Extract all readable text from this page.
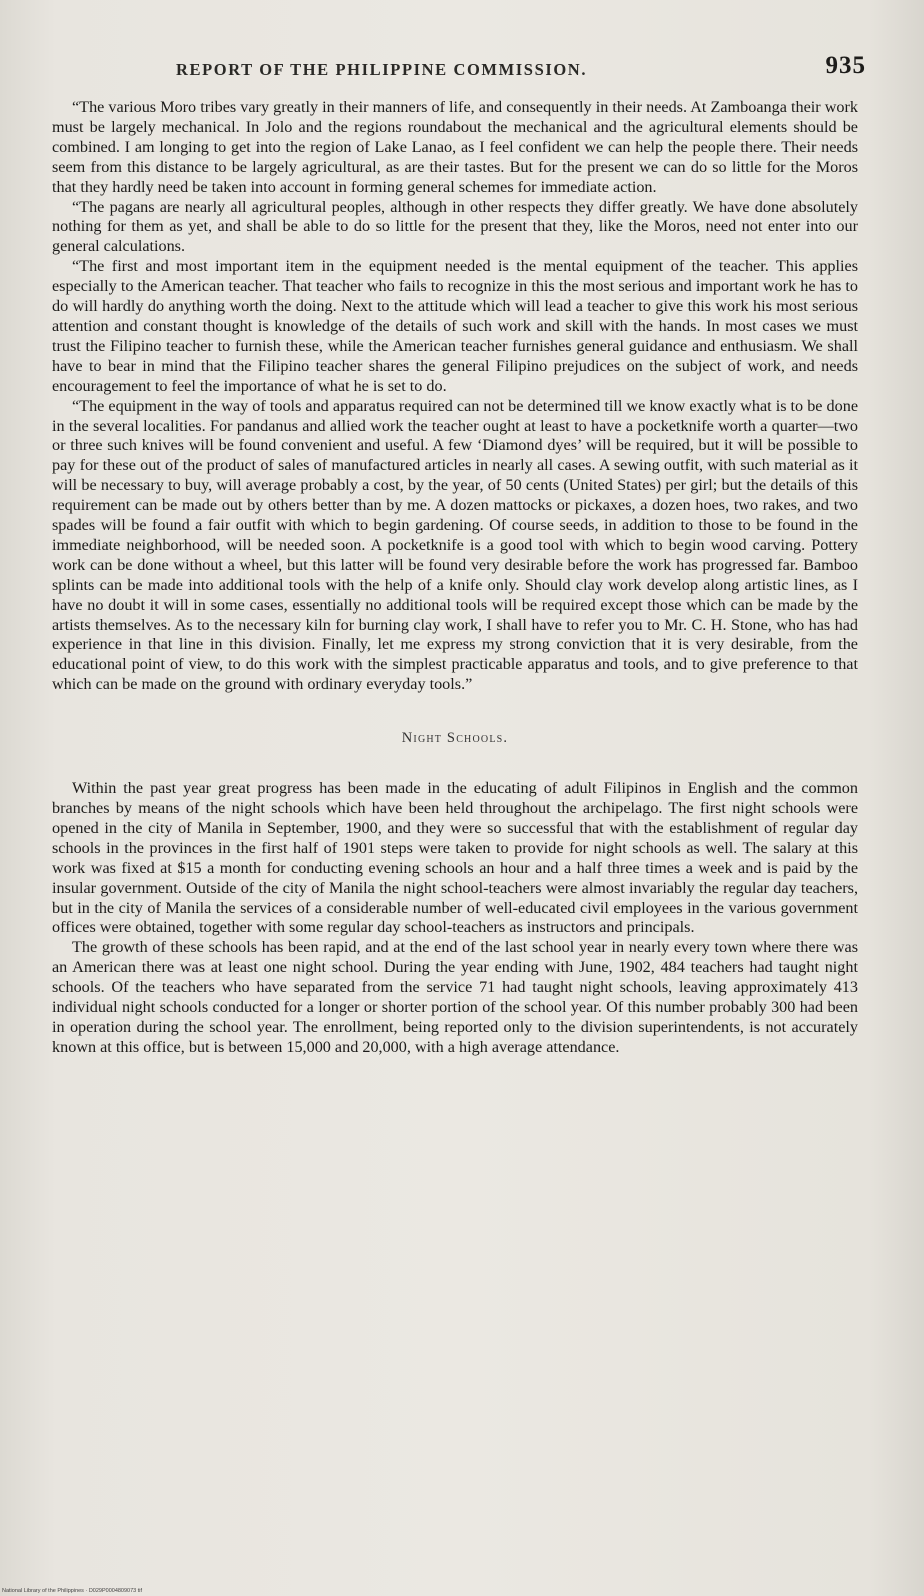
REPORT OF THE PHILIPPINE COMMISSION.	935

“The various Moro tribes vary greatly in their manners of life, and consequently in their needs. At Zamboanga their work must be largely mechanical. In Jolo and the regions roundabout the mechanical and the agricultural elements should be combined. I am longing to get into the region of Lake Lanao, as I feel confident we can help the people there. Their needs seem from this distance to be largely agricultural, as are their tastes. But for the present we can do so little for the Moros that they hardly need be taken into account in forming general schemes for immediate action.

“The pagans are nearly all agricultural peoples, although in other respects they differ greatly. We have done absolutely nothing for them as yet, and shall be able to do so little for the present that they, like the Moros, need not enter into our general calculations.

“The first and most important item in the equipment needed is the mental equipment of the teacher. This applies especially to the American teacher. That teacher who fails to recognize in this the most serious and important work he has to do will hardly do anything worth the doing. Next to the attitude which will lead a teacher to give this work his most serious attention and constant thought is knowledge of the details of such work and skill with the hands. In most cases we must trust the Filipino teacher to furnish these, while the American teacher furnishes general guidance and enthusiasm. We shall have to bear in mind that the Filipino teacher shares the general Filipino prejudices on the subject of work, and needs encouragement to feel the importance of what he is set to do.

“The equipment in the way of tools and apparatus required can not be determined till we know exactly what is to be done in the several localities. For pandanus and allied work the teacher ought at least to have a pocketknife worth a quarter—two or three such knives will be found convenient and useful. A few ‘Diamond dyes’ will be required, but it will be possible to pay for these out of the product of sales of manufactured articles in nearly all cases. A sewing outfit, with such material as it will be necessary to buy, will average probably a cost, by the year, of 50 cents (United States) per girl; but the details of this requirement can be made out by others better than by me. A dozen mattocks or pickaxes, a dozen hoes, two rakes, and two spades will be found a fair outfit with which to begin gardening. Of course seeds, in addition to those to be found in the immediate neighborhood, will be needed soon. A pocketknife is a good tool with which to begin wood carving. Pottery work can be done without a wheel, but this latter will be found very desirable before the work has progressed far. Bamboo splints can be made into additional tools with the help of a knife only. Should clay work develop along artistic lines, as I have no doubt it will in some cases, essentially no additional tools will be required except those which can be made by the artists themselves. As to the necessary kiln for burning clay work, I shall have to refer you to Mr. C. H. Stone, who has had experience in that line in this division. Finally, let me express my strong conviction that it is very desirable, from the educational point of view, to do this work with the simplest practicable apparatus and tools, and to give preference to that which can be made on the ground with ordinary everyday tools.”

Night Schools.

Within the past year great progress has been made in the educating of adult Filipinos in English and the common branches by means of the night schools which have been held throughout the archipelago. The first night schools were opened in the city of Manila in September, 1900, and they were so successful that with the establishment of regular day schools in the provinces in the first half of 1901 steps were taken to provide for night schools as well. The salary at this work was fixed at $15 a month for conducting evening schools an hour and a half three times a week and is paid by the insular government. Outside of the city of Manila the night school-teachers were almost invariably the regular day teachers, but in the city of Manila the services of a considerable number of well-educated civil employees in the various government offices were obtained, together with some regular day school-teachers as instructors and principals.

The growth of these schools has been rapid, and at the end of the last school year in nearly every town where there was an American there was at least one night school. During the year ending with June, 1902, 484 teachers had taught night schools. Of the teachers who have separated from the service 71 had taught night schools, leaving approximately 413 individual night schools conducted for a longer or shorter portion of the school year. Of this number probably 300 had been in operation during the school year. The enrollment, being reported only to the division superintendents, is not accurately known at this office, but is between 15,000 and 20,000, with a high average attendance.

National Library of the Philippines · D029P0004809073 tif
